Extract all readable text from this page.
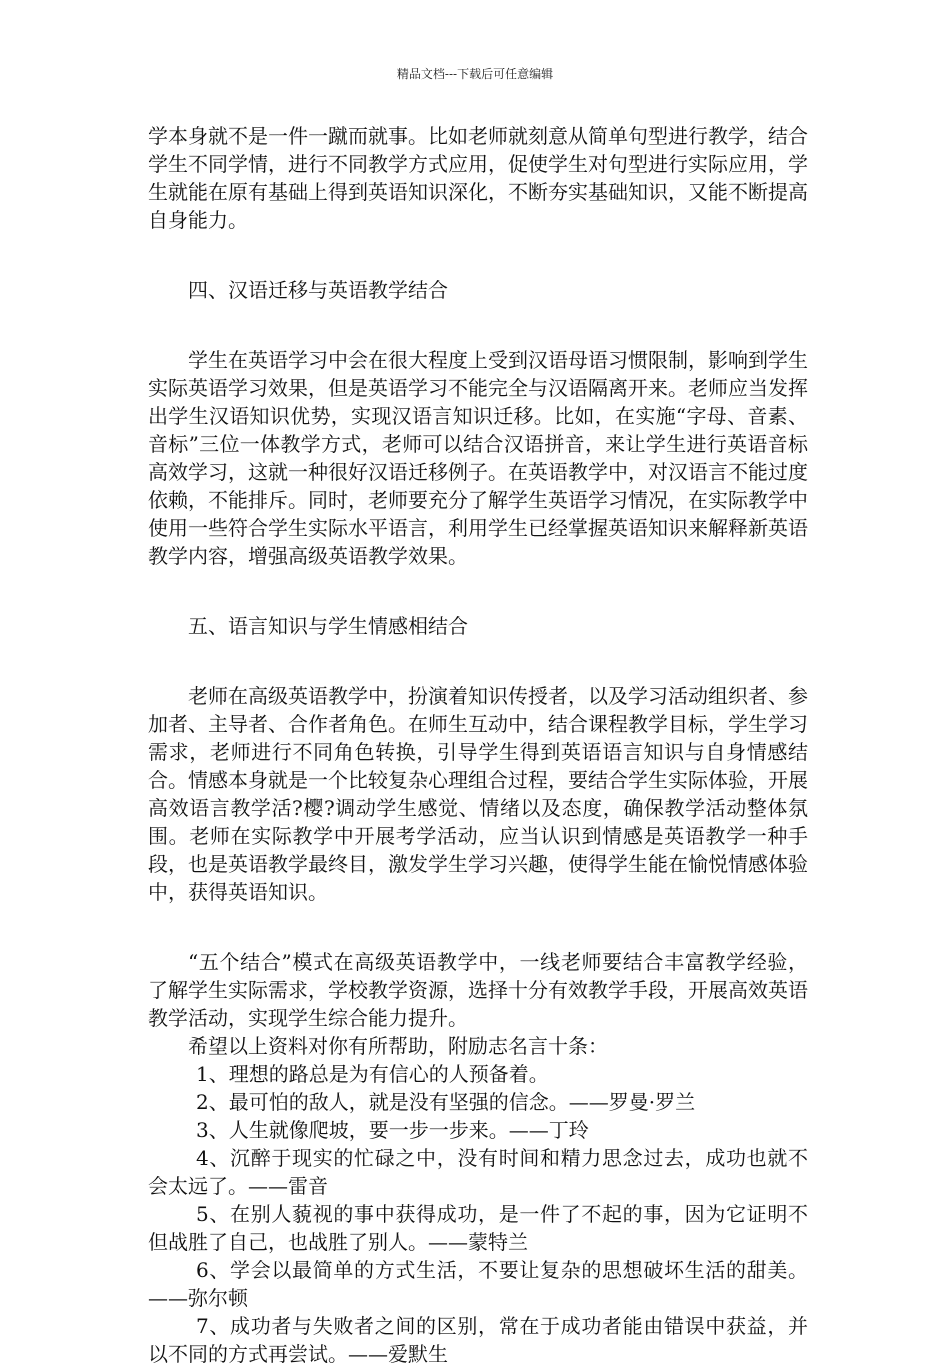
精品文档---下载后可任意编辑

学本身就不是一件一蹴而就事。比如老师就刻意从简单句型进行教学，结合学生不同学情，进行不同教学方式应用，促使学生对句型进行实际应用，学生就能在原有基础上得到英语知识深化，不断夯实基础知识，又能不断提高自身能力。

四、汉语迁移与英语教学结合

学生在英语学习中会在很大程度上受到汉语母语习惯限制，影响到学生实际英语学习效果，但是英语学习不能完全与汉语隔离开来。老师应当发挥出学生汉语知识优势，实现汉语言知识迁移。比如，在实施“字母、音素、音标”三位一体教学方式，老师可以结合汉语拼音，来让学生进行英语音标高效学习，这就一种很好汉语迁移例子。在英语教学中，对汉语言不能过度依赖，不能排斥。同时，老师要充分了解学生英语学习情况，在实际教学中使用一些符合学生实际水平语言，利用学生已经掌握英语知识来解释新英语教学内容，增强高级英语教学效果。

五、语言知识与学生情感相结合

老师在高级英语教学中，扮演着知识传授者，以及学习活动组织者、参加者、主导者、合作者角色。在师生互动中，结合课程教学目标，学生学习需求，老师进行不同角色转换，引导学生得到英语语言知识与自身情感结合。情感本身就是一个比较复杂心理组合过程，要结合学生实际体验，开展高效语言教学活?樱?调动学生感觉、情绪以及态度，确保教学活动整体氛围。老师在实际教学中开展考学活动，应当认识到情感是英语教学一种手段，也是英语教学最终目，激发学生学习兴趣，使得学生能在愉悦情感体验中，获得英语知识。

“五个结合”模式在高级英语教学中，一线老师要结合丰富教学经验，了解学生实际需求，学校教学资源，选择十分有效教学手段，开展高效英语教学活动，实现学生综合能力提升。

希望以上资料对你有所帮助，附励志名言十条：

1、理想的路总是为有信心的人预备着。

2、最可怕的敌人，就是没有坚强的信念。——罗曼·罗兰

3、人生就像爬坡，要一步一步来。——丁玲

4、沉醉于现实的忙碌之中，没有时间和精力思念过去，成功也就不会太远了。——雷音

5、在别人藐视的事中获得成功，是一件了不起的事，因为它证明不但战胜了自己，也战胜了别人。——蒙特兰

6、学会以最简单的方式生活，不要让复杂的思想破坏生活的甜美。——弥尔顿

7、成功者与失败者之间的区别，常在于成功者能由错误中获益，并以不同的方式再尝试。——爱默生
